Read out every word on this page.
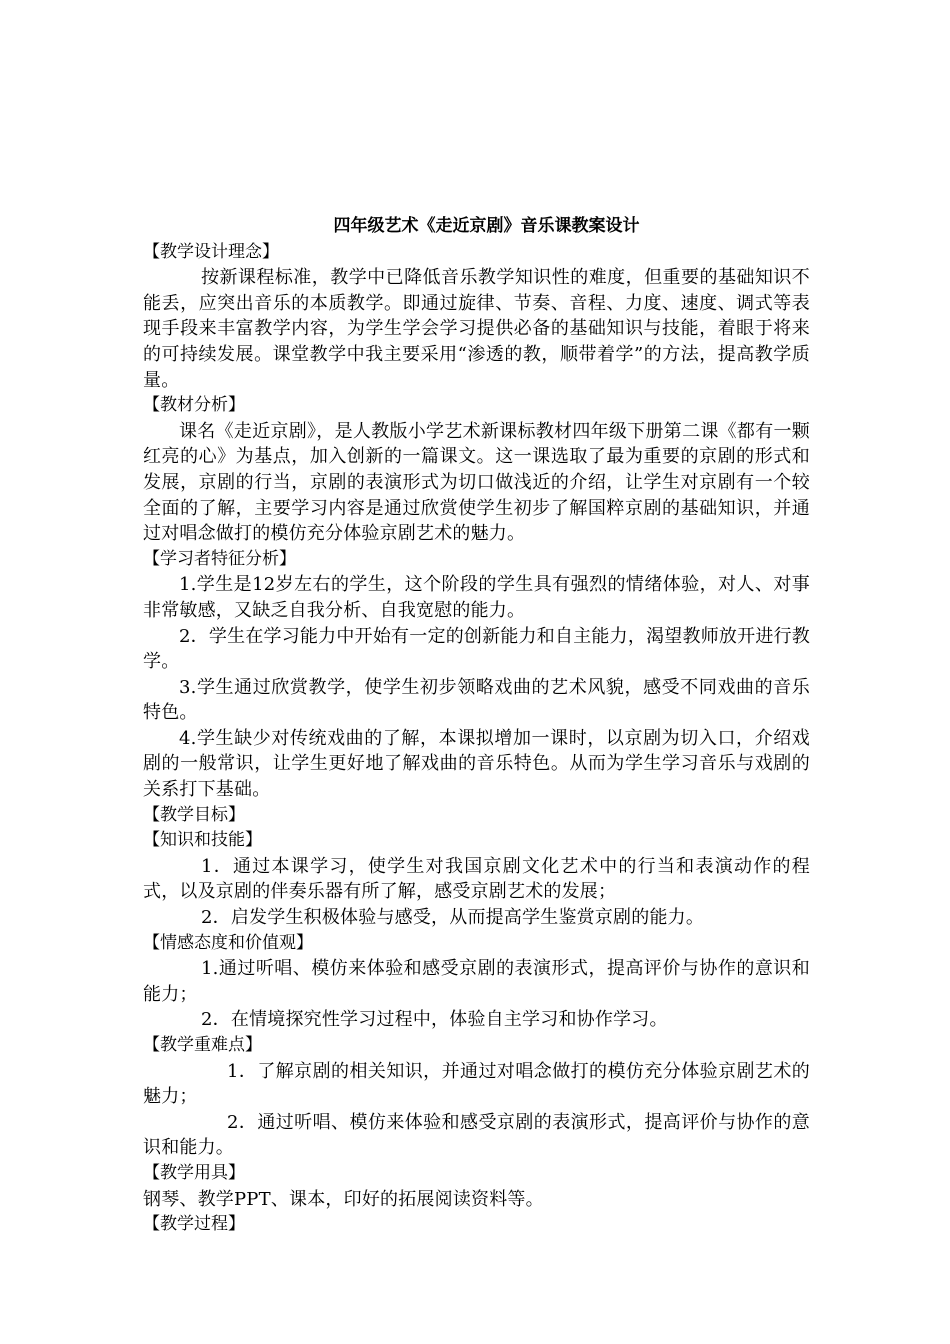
四年级艺术《走近京剧》音乐课教案设计
【教学设计理念】

按新课程标准，教学中已降低音乐教学知识性的难度，但重要的基础知识不能丢，应突出音乐的本质教学。即通过旋律、节奏、音程、力度、速度、调式等表现手段来丰富教学内容，为学生学会学习提供必备的基础知识与技能，着眼于将来的可持续发展。课堂教学中我主要采用“渗透的教，顺带着学”的方法，提高教学质量。

【教材分析】

课名《走近京剧》，是人教版小学艺术新课标教材四年级下册第二课《都有一颗红亮的心》为基点，加入创新的一篇课文。这一课选取了最为重要的京剧的形式和发展，京剧的行当，京剧的表演形式为切口做浅近的介绍，让学生对京剧有一个较全面的了解，主要学习内容是通过欣赏使学生初步了解国粹京剧的基础知识，并通过对唱念做打的模仿充分体验京剧艺术的魅力。

【学习者特征分析】

1.学生是12岁左右的学生，这个阶段的学生具有强烈的情绪体验，对人、对事非常敏感，又缺乏自我分析、自我宽慰的能力。

2．学生在学习能力中开始有一定的创新能力和自主能力，渴望教师放开进行教学。

3.学生通过欣赏教学，使学生初步领略戏曲的艺术风貌，感受不同戏曲的音乐特色。

4.学生缺少对传统戏曲的了解，本课拟增加一课时，以京剧为切入口，介绍戏剧的一般常识，让学生更好地了解戏曲的音乐特色。从而为学生学习音乐与戏剧的关系打下基础。

【教学目标】
【知识和技能】

1．通过本课学习，使学生对我国京剧文化艺术中的行当和表演动作的程式，以及京剧的伴奏乐器有所了解，感受京剧艺术的发展；

2．启发学生积极体验与感受，从而提高学生鉴赏京剧的能力。

【情感态度和价值观】

1.通过听唱、模仿来体验和感受京剧的表演形式，提高评价与协作的意识和能力；

2．在情境探究性学习过程中，体验自主学习和协作学习。

【教学重难点】

1．了解京剧的相关知识，并通过对唱念做打的模仿充分体验京剧艺术的魅力；

2．通过听唱、模仿来体验和感受京剧的表演形式，提高评价与协作的意识和能力。

【教学用具】

钢琴、教学PPT、课本，印好的拓展阅读资料等。

【教学过程】
